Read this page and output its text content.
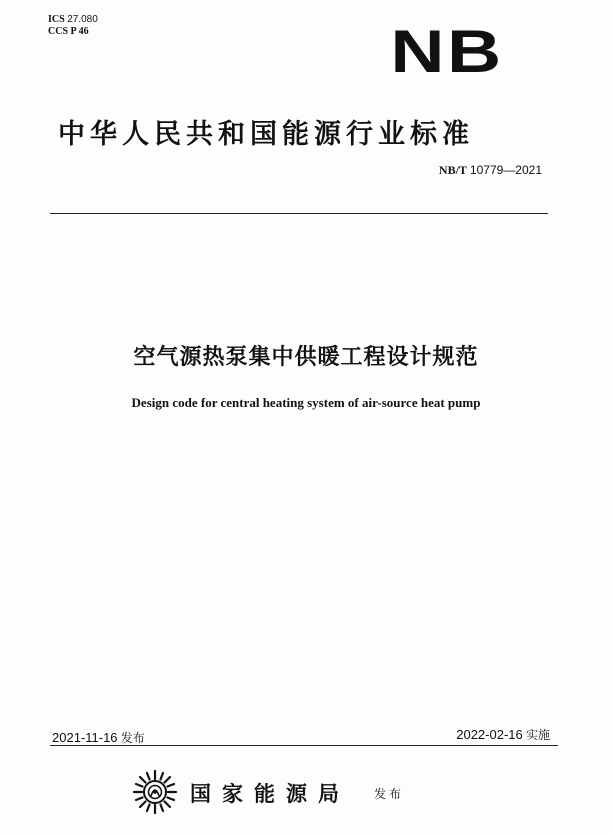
ICS 27.080
CCS P 46	NB
中华人民共和国能源行业标准
NB/T 10779—2021
空气源热泵集中供暖工程设计规范
Design code for central heating system of air-source heat pump
2021-11-16 发布	2022-02-16 实施
国家能源局 发布
